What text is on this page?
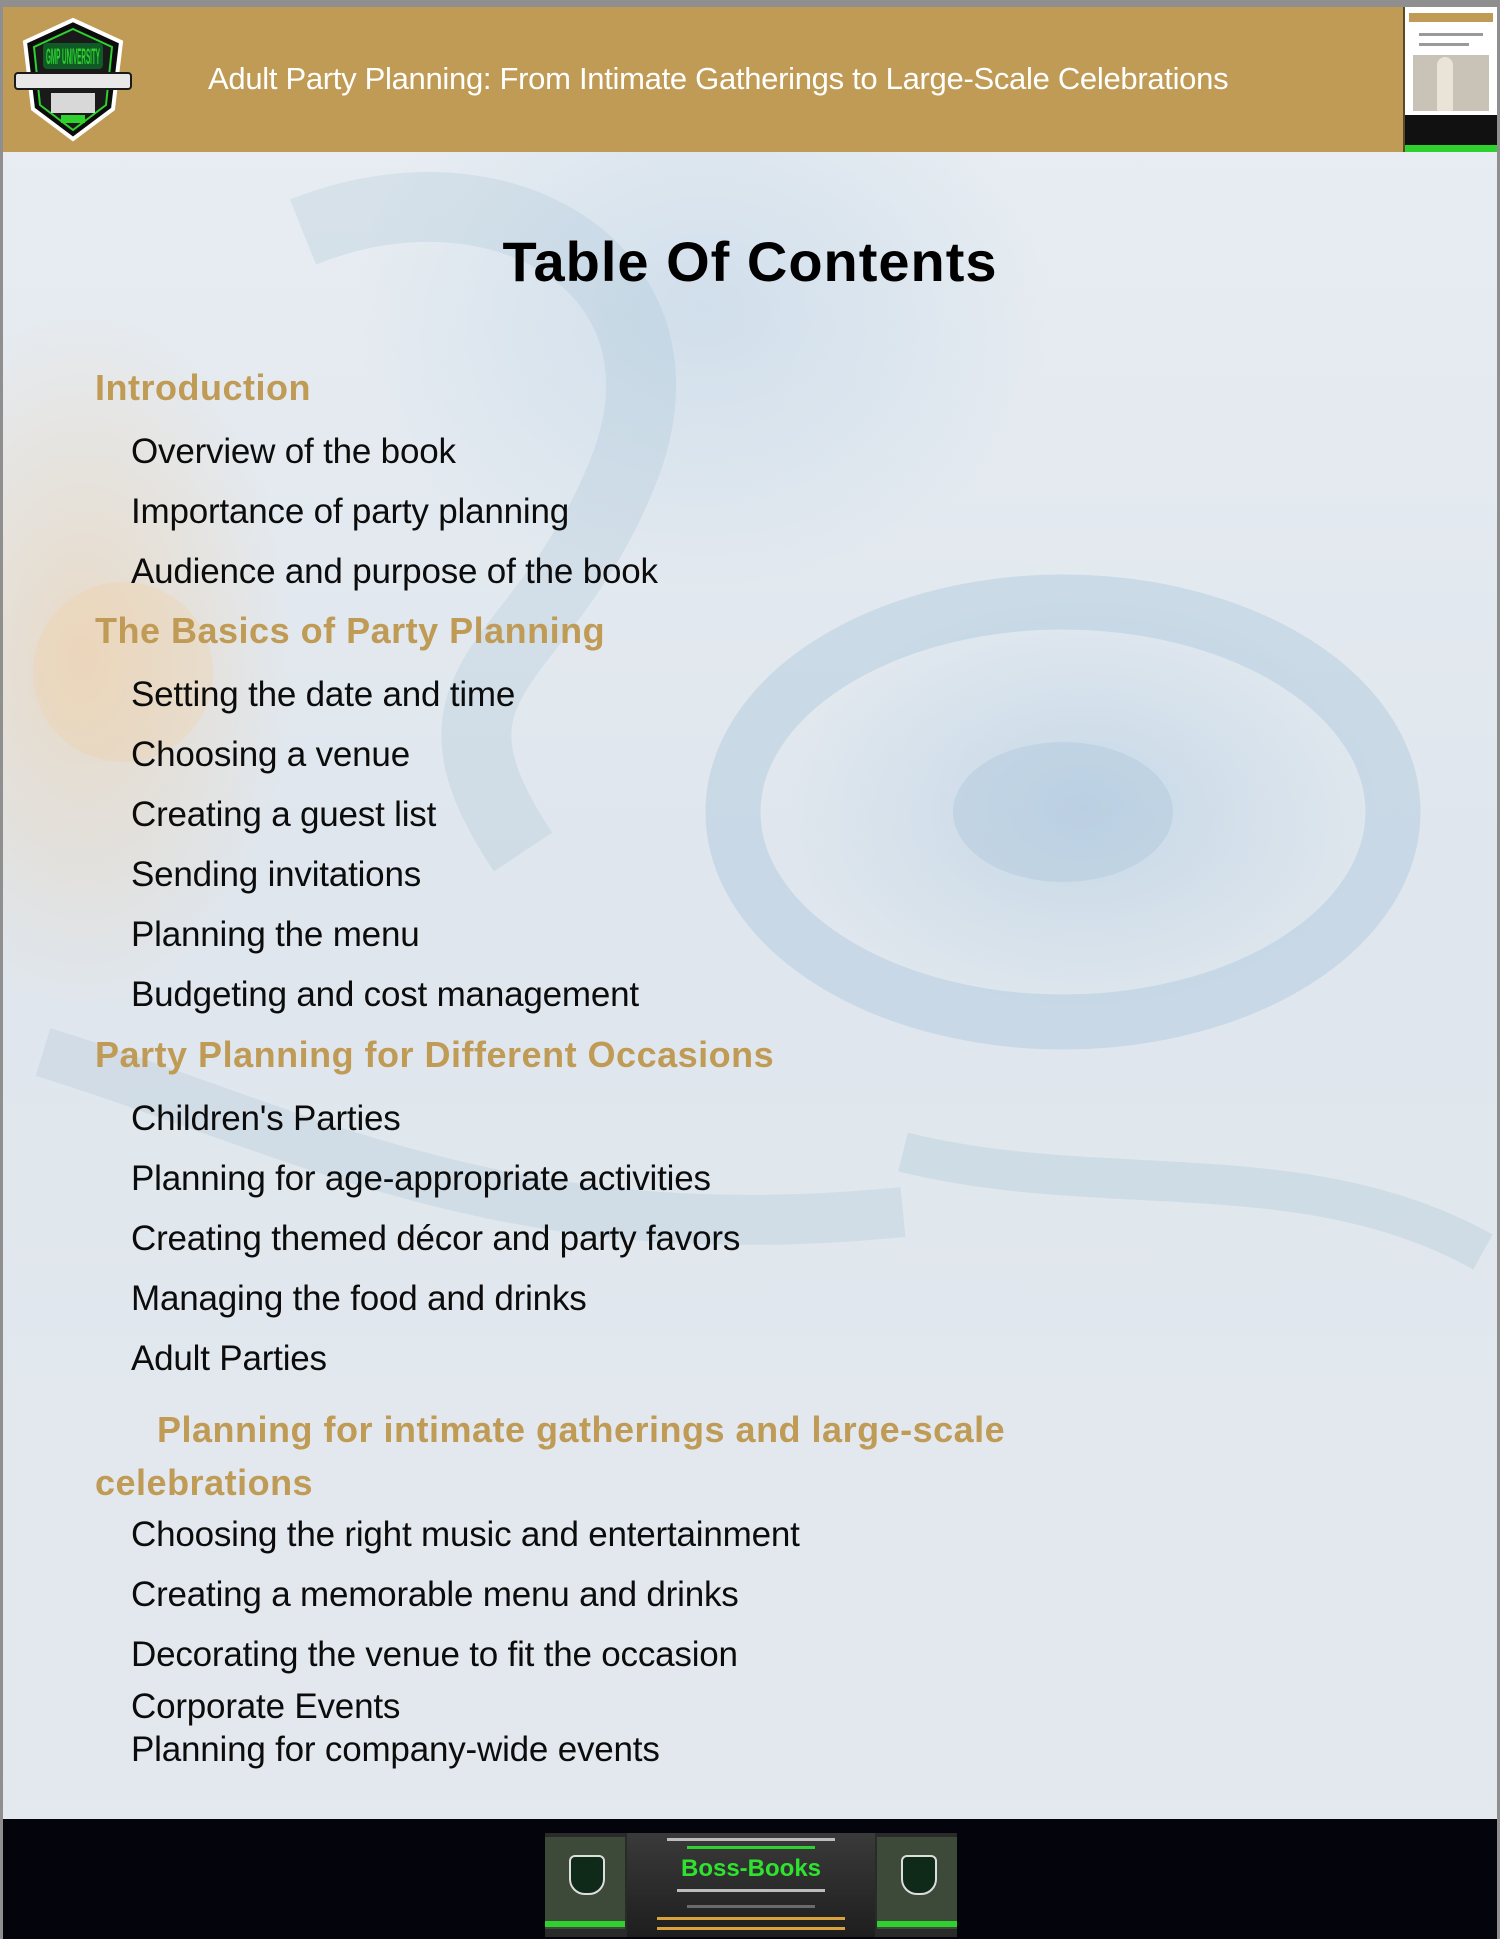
GMP UNIVERSITY
Adult Party Planning: From Intimate Gatherings to Large-Scale Celebrations
Table Of Contents
Introduction
Overview of the book
Importance of party planning
Audience and purpose of the book
The Basics of Party Planning
Setting the date and time
Choosing a venue
Creating a guest list
Sending invitations
Planning the menu
Budgeting and cost management
Party Planning for Different Occasions
Children's Parties
Planning for age-appropriate activities
Creating themed décor and party favors
Managing the food and drinks
Adult Parties
Planning for intimate gatherings and large-scale celebrations
Choosing the right music and entertainment
Creating a memorable menu and drinks
Decorating the venue to fit the occasion
Corporate Events
Planning for company-wide events
Boss-Books
